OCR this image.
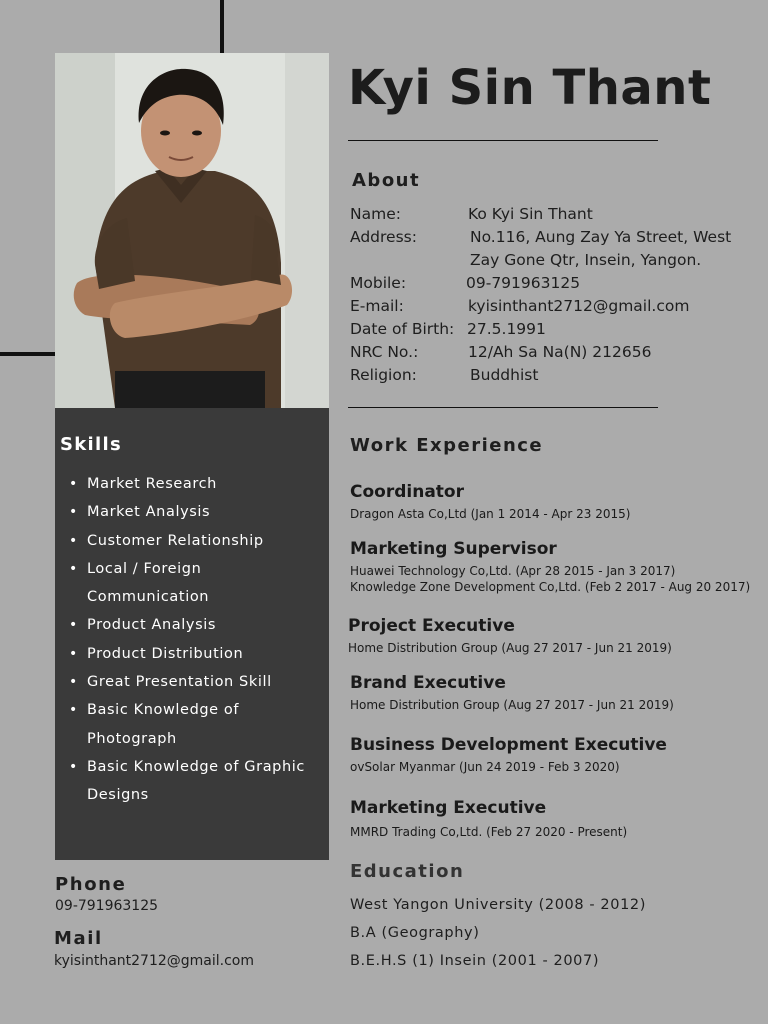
Skills
• Market Research
• Market Analysis
• Customer Relationship
• Local / Foreign Communication
• Product Analysis
• Product Distribution
• Great Presentation Skill
• Basic Knowledge of Photograph
• Basic Knowledge of Graphic Designs
Phone
09-791963125
Mail
kyisinthant2712@gmail.com
Kyi Sin Thant
About
Name:	Ko Kyi Sin Thant
Address:	No.116, Aung Zay Ya Street, West
Zay Gone Qtr, Insein, Yangon.
Mobile:	09-791963125
E-mail:	kyisinthant2712@gmail.com
Date of Birth: 27.5.1991
NRC No.:	12/Ah Sa Na(N) 212656
Religion:	Buddhist
Work Experience
Coordinator
Dragon Asta Co,Ltd (Jan 1 2014 - Apr 23 2015)
Marketing Supervisor
Huawei Technology Co,Ltd. (Apr 28 2015 - Jan 3 2017)
Knowledge Zone Development Co,Ltd. (Feb 2 2017 - Aug 20 2017)
Project Executive
Home Distribution Group (Aug 27 2017 - Jun 21 2019)
Brand Executive
Home Distribution Group (Aug 27 2017 - Jun 21 2019)
Business Development Executive
ovSolar Myanmar (Jun 24 2019 - Feb 3 2020)
Marketing Executive
MMRD Trading Co,Ltd. (Feb 27 2020 - Present)
Education
West Yangon University (2008 - 2012)
B.A (Geography)
B.E.H.S (1) Insein (2001 - 2007)
